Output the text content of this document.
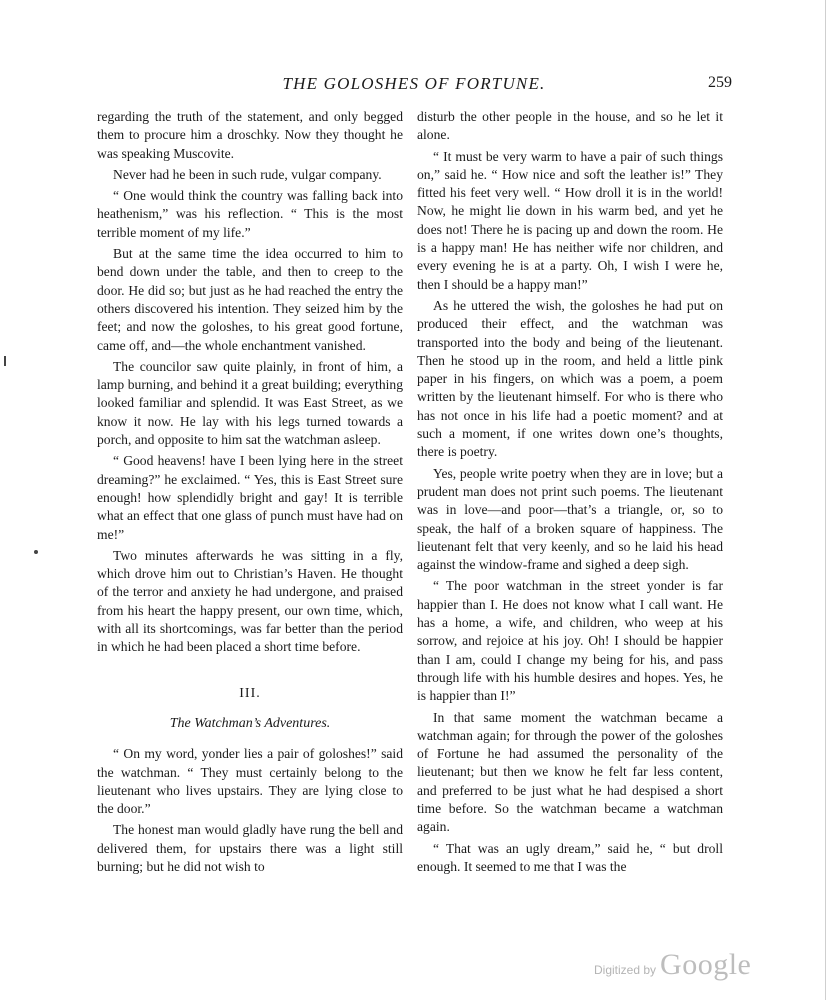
THE GOLOSHES OF FORTUNE.	259

regarding the truth of the statement, and only begged them to procure him a droschky. Now they thought he was speaking Muscovite.

Never had he been in such rude, vulgar company.

“ One would think the country was falling back into heathenism,” was his reflection. “ This is the most terrible moment of my life.”

But at the same time the idea occurred to him to bend down under the table, and then to creep to the door. He did so; but just as he had reached the entry the others discovered his intention. They seized him by the feet; and now the goloshes, to his great good fortune, came off, and—the whole enchantment vanished.

The councilor saw quite plainly, in front of him, a lamp burning, and behind it a great building; everything looked familiar and splendid. It was East Street, as we know it now. He lay with his legs turned towards a porch, and opposite to him sat the watchman asleep.

“ Good heavens! have I been lying here in the street dreaming?” he exclaimed. “ Yes, this is East Street sure enough! how splendidly bright and gay! It is terrible what an effect that one glass of punch must have had on me!”

Two minutes afterwards he was sitting in a fly, which drove him out to Christian’s Haven. He thought of the terror and anxiety he had undergone, and praised from his heart the happy present, our own time, which, with all its shortcomings, was far better than the period in which he had been placed a short time before.

III.

The Watchman’s Adventures.

“ On my word, yonder lies a pair of goloshes!” said the watchman. “ They must certainly belong to the lieutenant who lives upstairs. They are lying close to the door.”

The honest man would gladly have rung the bell and delivered them, for upstairs there was a light still burning; but he did not wish to

disturb the other people in the house, and so he let it alone.

“ It must be very warm to have a pair of such things on,” said he. “ How nice and soft the leather is!” They fitted his feet very well. “ How droll it is in the world! Now, he might lie down in his warm bed, and yet he does not! There he is pacing up and down the room. He is a happy man! He has neither wife nor children, and every evening he is at a party. Oh, I wish I were he, then I should be a happy man!”

As he uttered the wish, the goloshes he had put on produced their effect, and the watchman was transported into the body and being of the lieutenant. Then he stood up in the room, and held a little pink paper in his fingers, on which was a poem, a poem written by the lieutenant himself. For who is there who has not once in his life had a poetic moment? and at such a moment, if one writes down one’s thoughts, there is poetry.

Yes, people write poetry when they are in love; but a prudent man does not print such poems. The lieutenant was in love—and poor—that’s a triangle, or, so to speak, the half of a broken square of happiness. The lieutenant felt that very keenly, and so he laid his head against the window-frame and sighed a deep sigh.

“ The poor watchman in the street yonder is far happier than I. He does not know what I call want. He has a home, a wife, and children, who weep at his sorrow, and rejoice at his joy. Oh! I should be happier than I am, could I change my being for his, and pass through life with his humble desires and hopes. Yes, he is happier than I!”

In that same moment the watchman became a watchman again; for through the power of the goloshes of Fortune he had assumed the personality of the lieutenant; but then we know he felt far less content, and preferred to be just what he had despised a short time before. So the watchman became a watchman again.

“ That was an ugly dream,” said he, “ but droll enough. It seemed to me that I was the

Digitized by Google
